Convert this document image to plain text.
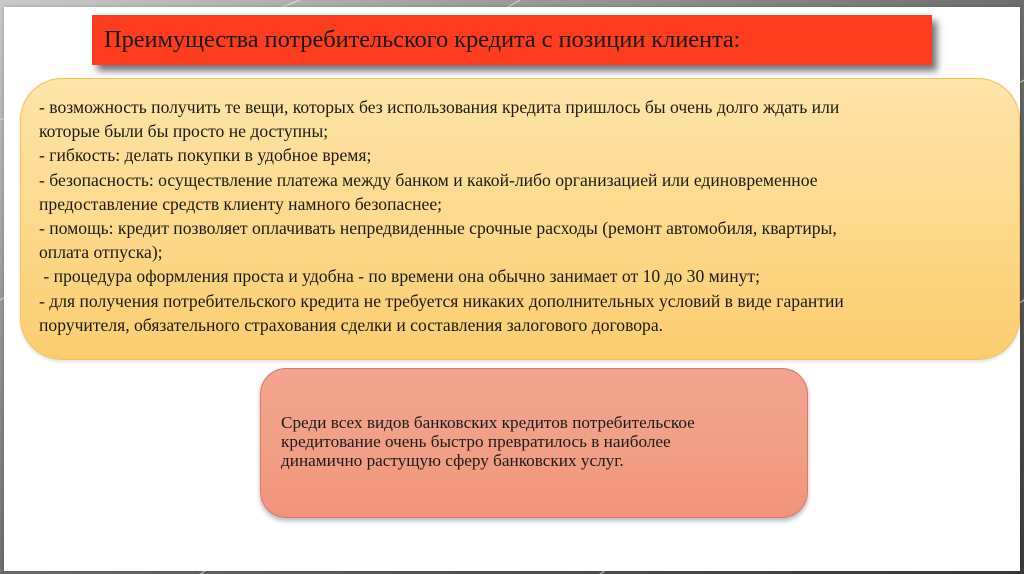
Преимущества потребительского кредита с позиции клиента:
- возможность получить те вещи, которых без использования кредита пришлось бы очень долго ждать или
которые были бы просто не доступны;
- гибкость: делать покупки в удобное время;
- безопасность: осуществление платежа между банком и какой-либо организацией или единовременное
предоставление средств клиенту намного безопаснее;
- помощь: кредит позволяет оплачивать непредвиденные срочные расходы (ремонт автомобиля, квартиры,
оплата отпуска);
- процедура оформления проста и удобна - по времени она обычно занимает от 10 до 30 минут;
- для получения потребительского кредита не требуется никаких дополнительных условий в виде гарантии
поручителя, обязательного страхования сделки и составления залогового договора.
Среди всех видов банковских кредитов потребительское
кредитование очень быстро превратилось в наиболее
динамично растущую сферу банковских услуг.
